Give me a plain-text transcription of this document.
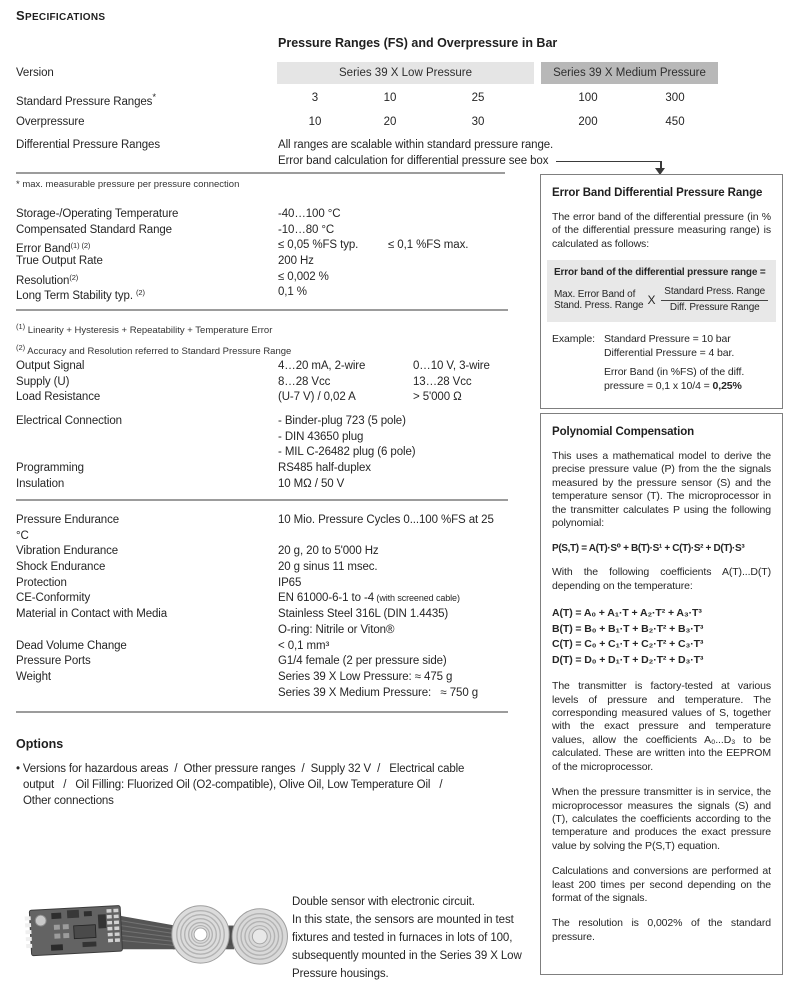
SPECIFICATIONS
Pressure Ranges (FS) and Overpressure in Bar
Version	Series 39 X Low Pressure	Series 39 X Medium Pressure
Standard Pressure Ranges*	3	10	25	100	300
Overpressure	10	20	30	200	450
Differential Pressure Ranges	All ranges are scalable within standard pressure range.
Error band calculation for differential pressure see box
* max. measurable pressure per pressure connection
Storage-/Operating Temperature	-40…100 °C
Compensated Standard Range	-10…80 °C
Error Band$^{(1) (2)}$	≤ 0,05 %FS typ.	≤ 0,1 %FS max.
True Output Rate	200 Hz
Resolution$^{(2)}$	≤ 0,002 %
Long Term Stability typ. $^{(2)}$	0,1 %
$^{(1)}$ Linearity + Hysteresis + Repeatability + Temperature Error
$^{(2)}$ Accuracy and Resolution referred to Standard Pressure Range
Output Signal	4…20 mA, 2-wire	0…10 V, 3-wire
Supply (U)	8…28 Vcc	13…28 Vcc
Load Resistance	(U-7 V) / 0,02 A	> 5'000 Ω
Electrical Connection	- Binder-plug 723 (5 pole)
- DIN 43650 plug
- MIL C-26482 plug (6 pole)
Programming	RS485 half-duplex
Insulation	10 MΩ / 50 V
Pressure Endurance	10 Mio. Pressure Cycles 0...100 %FS at 25
°C
Vibration Endurance	20 g, 20 to 5'000 Hz
Shock Endurance	20 g sinus 11 msec.
Protection	IP65
CE-Conformity	EN 61000-6-1 to -4 (with screened cable)
Material in Contact with Media	Stainless Steel 316L (DIN 1.4435)
O-ring: Nitrile or Viton®
Dead Volume Change	< 0,1 mm³
Pressure Ports	G1/4 female (2 per pressure side)
Weight	Series 39 X Low Pressure: ≈ 475 g
Series 39 X Medium Pressure:   ≈ 750 g
Options
• Versions for hazardous areas  /  Other pressure ranges  /  Supply 32 V  /   Electrical cable
output   /   Oil Filling: Fluorized Oil (O2-compatible), Olive Oil, Low Temperature Oil   /
Other connections
Double sensor with electronic circuit.
In this state, the sensors are mounted in test
fixtures and tested in furnaces in lots of 100,
subsequently mounted in the Series 39 X Low
Pressure housings.
Error Band Differential Pressure Range
The error band of the differential pressure (in % of the differential pressure measuring range) is calculated as follows:
Error band of the differential pressure range =
Max. Error Band of
Stand. Press. Range X $\frac{\text{Standard Press. Range}}{\text{Diff. Pressure Range}}$
Example: Standard Pressure = 10 bar
Differential Pressure = 4 bar.
Error Band (in %FS) of the diff.
pressure = 0,1 x 10/4 = 0,25%
Polynomial Compensation
This uses a mathematical model to derive the precise pressure value (P) from the the signals measured by the pressure sensor (S) and the temperature sensor (T). The microprocessor in the transmitter calculates P using the following polynomial:
P(S,T) = A(T)·S⁰ + B(T)·S¹ + C(T)·S² + D(T)·S³
With the following coefficients A(T)...D(T) depending on the temperature:
A(T) = A₀ + A₁·T + A₂·T² + A₃·T³
B(T) = B₀ + B₁·T + B₂·T² + B₃·T³
C(T) = C₀ + C₁·T + C₂·T² + C₃·T³
D(T) = D₀ + D₁·T + D₂·T² + D₃·T³
The transmitter is factory-tested at various levels of pressure and temperature. The corresponding measured values of S, together with the exact pressure and temperature values, allow the coefficients A₀...D₃ to be calculated. These are written into the EEPROM of the microprocessor.
When the pressure transmitter is in service, the microprocessor measures the signals (S) and (T), calculates the coefficients according to the temperature and produces the exact pressure value by solving the P(S,T) equation.
Calculations and conversions are performed at least 200 times per second depending on the format of the signals.
The resolution is 0,002% of the standard pressure.
